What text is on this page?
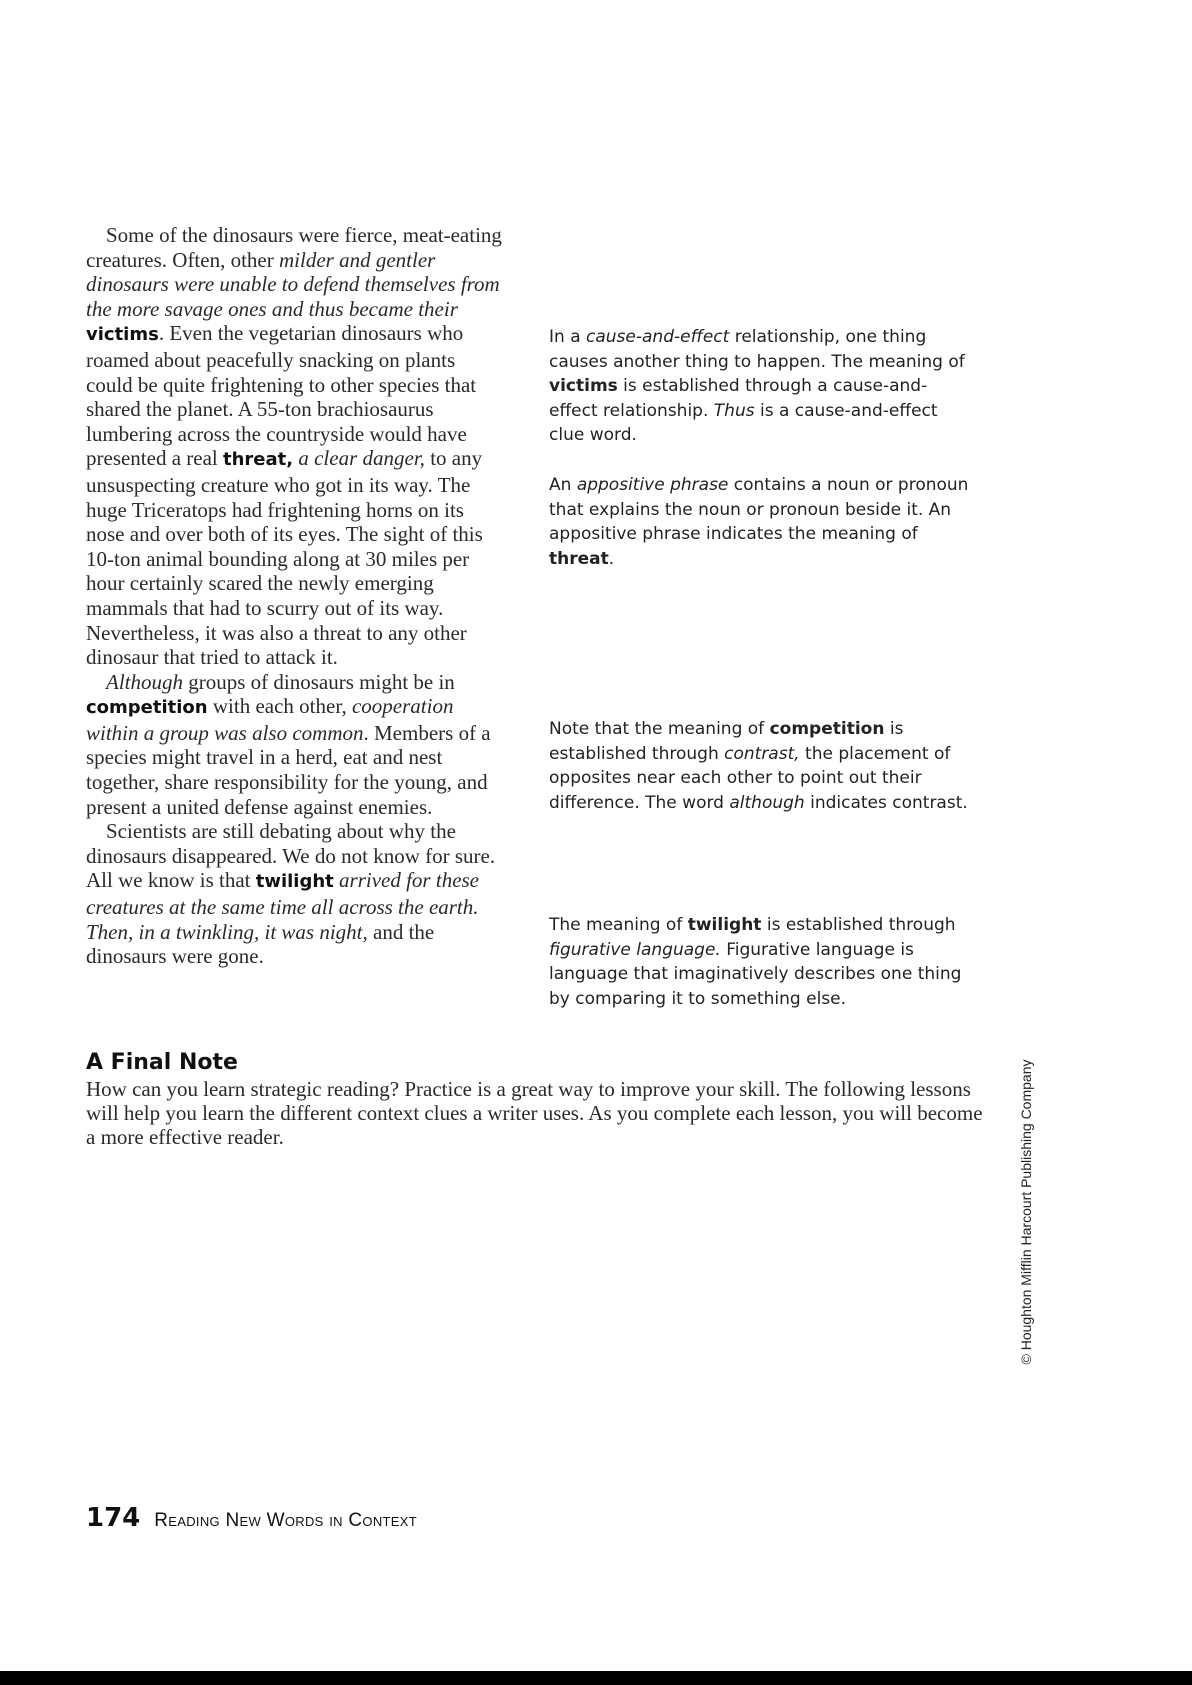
Some of the dinosaurs were fierce, meat-eating creatures. Often, other milder and gentler dinosaurs were unable to defend themselves from the more savage ones and thus became their victims. Even the vegetarian dinosaurs who roamed about peacefully snacking on plants could be quite frightening to other species that shared the planet. A 55-ton brachiosaurus lumbering across the countryside would have presented a real threat, a clear danger, to any unsuspecting creature who got in its way. The huge Triceratops had frightening horns on its nose and over both of its eyes. The sight of this 10-ton animal bounding along at 30 miles per hour certainly scared the newly emerging mammals that had to scurry out of its way. Nevertheless, it was also a threat to any other dinosaur that tried to attack it.

Although groups of dinosaurs might be in competition with each other, cooperation within a group was also common. Members of a species might travel in a herd, eat and nest together, share responsibility for the young, and present a united defense against enemies.

Scientists are still debating about why the dinosaurs disappeared. We do not know for sure. All we know is that twilight arrived for these creatures at the same time all across the earth. Then, in a twinkling, it was night, and the dinosaurs were gone.

In a cause-and-effect relationship, one thing causes another thing to happen. The meaning of victims is established through a cause-and-effect relationship. Thus is a cause-and-effect clue word.
An appositive phrase contains a noun or pronoun that explains the noun or pronoun beside it. An appositive phrase indicates the meaning of threat.
Note that the meaning of competition is established through contrast, the placement of opposites near each other to point out their difference. The word although indicates contrast.
The meaning of twilight is established through figurative language. Figurative language is language that imaginatively describes one thing by comparing it to something else.
A Final Note
How can you learn strategic reading? Practice is a great way to improve your skill. The following lessons will help you learn the different context clues a writer uses. As you complete each lesson, you will become a more effective reader.	© Houghton Mifflin Harcourt Publishing Company
174 Reading New Words in Context
